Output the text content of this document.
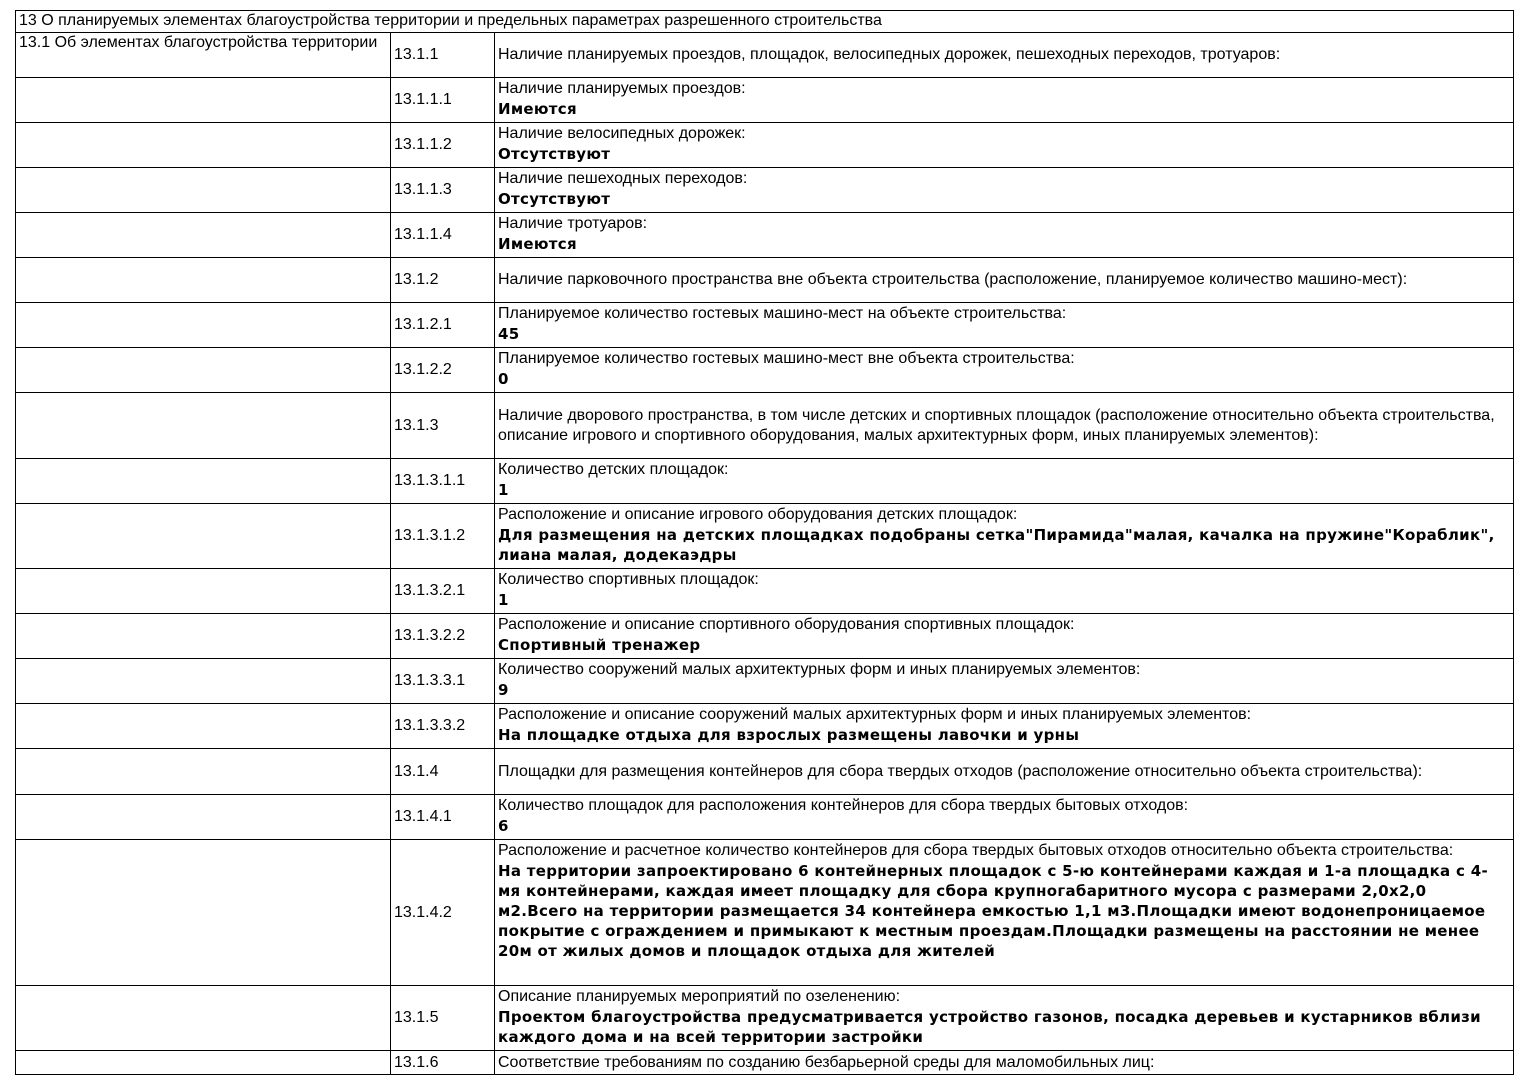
13 О планируемых элементах благоустройства территории и предельных параметрах разрешенного строительства		
13.1 Об элементах благоустройства территории	13.1.1	Наличие планируемых проездов, площадок, велосипедных дорожек, пешеходных переходов, тротуаров:
	13.1.1.1	Наличие планируемых проездов:
Имеются

	13.1.1.2	Наличие велосипедных дорожек:
Отсутствуют

	13.1.1.3	Наличие пешеходных переходов:
Отсутствуют

	13.1.1.4	Наличие тротуаров:
Имеются

	13.1.2	Наличие парковочного пространства вне объекта строительства (расположение, планируемое количество машино-мест):
	13.1.2.1	Планируемое количество гостевых машино-мест на объекте строительства:
45

	13.1.2.2	Планируемое количество гостевых машино-мест вне объекта строительства:
0

	13.1.3	Наличие дворового пространства, в том числе детских и спортивных площадок (расположение относительно объекта строительства, описание игрового и спортивного оборудования, малых архитектурных форм, иных планируемых элементов):
	13.1.3.1.1	Количество детских площадок:
1

	13.1.3.1.2	Расположение и описание игрового оборудования детских площадок:
Для размещения на детских площадках подобраны сетка"Пирамида"малая, качалка на пружине"Кораблик", лиана малая, додекаэдры

	13.1.3.2.1	Количество спортивных площадок:
1

	13.1.3.2.2	Расположение и описание спортивного оборудования спортивных площадок:
Спортивный тренажер

	13.1.3.3.1	Количество сооружений малых архитектурных форм и иных планируемых элементов:
9

	13.1.3.3.2	Расположение и описание сооружений малых архитектурных форм и иных планируемых элементов:
На площадке отдыха для взрослых размещены лавочки и урны

	13.1.4	Площадки для размещения контейнеров для сбора твердых отходов (расположение относительно объекта строительства):
	13.1.4.1	Количество площадок для расположения контейнеров для сбора твердых бытовых отходов:
6

	13.1.4.2	Расположение и расчетное количество контейнеров для сбора твердых бытовых отходов относительно объекта строительства:
На территории запроектировано 6 контейнерных площадок с 5-ю контейнерами каждая и 1-а площадка с 4-мя контейнерами, каждая имеет площадку для сбора крупногабаритного мусора с размерами 2,0х2,0 м2.Всего на территории размещается 34 контейнера емкостью 1,1 м3.Площадки имеют водонепроницаемое покрытие с ограждением и примыкают к местным проездам.Площадки размещены на расстоянии не менее 20м от жилых домов и площадок отдыха для жителей

	13.1.5	Описание планируемых мероприятий по озеленению:
Проектом благоустройства предусматривается устройство газонов, посадка деревьев и кустарников вблизи каждого дома и на всей территории застройки

	13.1.6	Соответствие требованиям по созданию безбарьерной среды для маломобильных лиц:
